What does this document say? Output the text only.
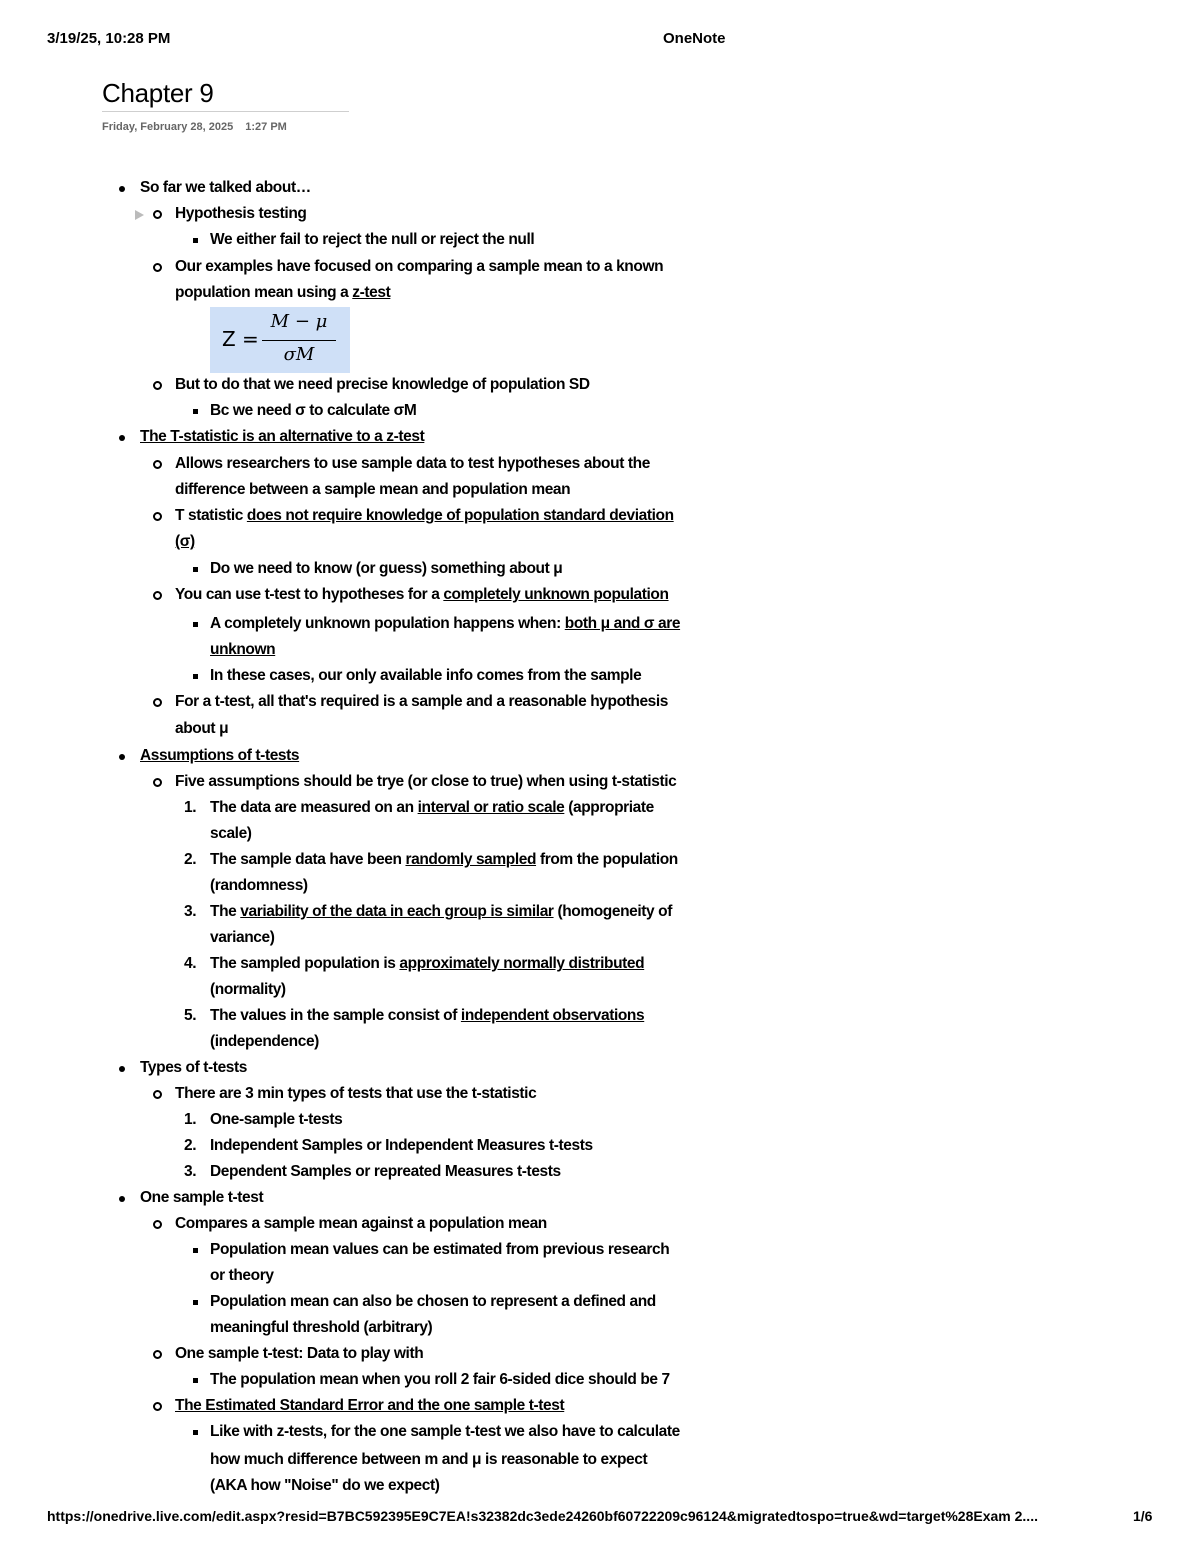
3/19/25, 10:28 PM	OneNote
Chapter 9
Friday, February 28, 2025 1:27 PM
So far we talked about…
Hypothesis testing
We either fail to reject the null or reject the null
Our examples have focused on comparing a sample mean to a known
population mean using a z-test
But to do that we need precise knowledge of population SD
Bc we need σ to calculate σM
The T-statistic is an alternative to a z-test
Allows researchers to use sample data to test hypotheses about the
difference between a sample mean and population mean
T statistic does not require knowledge of population standard deviation
(σ)
Do we need to know (or guess) something about μ
You can use t-test to hypotheses for a completely unknown population
A completely unknown population happens when: both μ and σ are
unknown
In these cases, our only available info comes from the sample
For a t-test, all that's required is a sample and a reasonable hypothesis
about μ
Assumptions of t-tests
Five assumptions should be trye (or close to true) when using t-statistic
1. The data are measured on an interval or ratio scale (appropriate
scale)
2. The sample data have been randomly sampled from the population
(randomness)
3. The variability of the data in each group is similar (homogeneity of
variance)
4. The sampled population is approximately normally distributed
(normality)
5. The values in the sample consist of independent observations
(independence)
Types of t-tests
There are 3 min types of tests that use the t-statistic
1. One-sample t-tests
2. Independent Samples or Independent Measures t-tests
3. Dependent Samples or repreated Measures t-tests
One sample t-test
Compares a sample mean against a population mean
Population mean values can be estimated from previous research
or theory
Population mean can also be chosen to represent a defined and
meaningful threshold (arbitrary)
One sample t-test: Data to play with
The population mean when you roll 2 fair 6-sided dice should be 7
The Estimated Standard Error and the one sample t-test
Like with z-tests, for the one sample t-test we also have to calculate
how much difference between m and μ is reasonable to expect
(AKA how "Noise" do we expect)
Z =
M − μ
σM
https://onedrive.live.com/edit.aspx?resid=B7BC592395E9C7EA!s32382dc3ede24260bf60722209c96124&migratedtospo=true&wd=target%28Exam 2....	1/6
